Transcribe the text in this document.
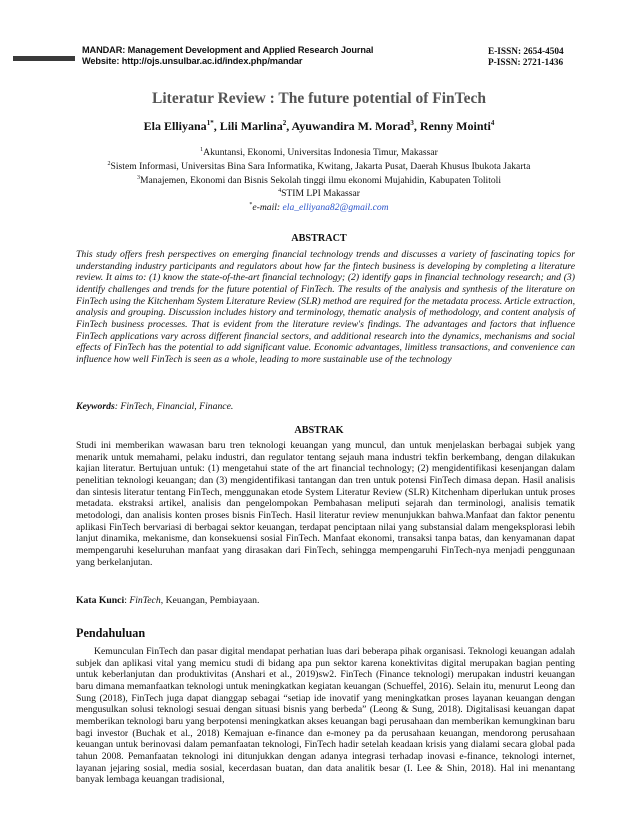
MANDAR: Management Development and Applied Research Journal
Website: http://ojs.unsulbar.ac.id/index.php/mandar
E-ISSN: 2654-4504
P-ISSN: 2721-1436
Literatur Review : The future potential of FinTech
Ela Elliyana$^{1*}$, Lili Marlina$^2$, Ayuwandira M. Morad$^3$, Renny Mointi$^4$
$^1$Akuntansi, Ekonomi, Universitas Indonesia Timur, Makassar
$^2$Sistem Informasi, Universitas Bina Sara Informatika, Kwitang, Jakarta Pusat, Daerah Khusus Ibukota Jakarta
$^3$Manajemen, Ekonomi dan Bisnis Sekolah tinggi ilmu ekonomi Mujahidin, Kabupaten Tolitoli
$^4$STIM LPI Makassar
*e-mail: ela_elliyana82@gmail.com
ABSTRACT
This study offers fresh perspectives on emerging financial technology trends and discusses a variety of fascinating topics for understanding industry participants and regulators about how far the fintech business is developing by completing a literature review. It aims to: (1) know the state-of-the-art financial technology; (2) identify gaps in financial technology research; and (3) identify challenges and trends for the future potential of FinTech. The results of the analysis and synthesis of the literature on FinTech using the Kitchenham System Literature Review (SLR) method are required for the metadata process. Article extraction, analysis and grouping. Discussion includes history and terminology, thematic analysis of methodology, and content analysis of FinTech business processes. That is evident from the literature review's findings. The advantages and factors that influence FinTech applications vary across different financial sectors, and additional research into the dynamics, mechanisms and social effects of FinTech has the potential to add significant value. Economic advantages, limitless transactions, and convenience can influence how well FinTech is seen as a whole, leading to more sustainable use of the technology
Keywords: FinTech, Financial, Finance.
ABSTRAK
Studi ini memberikan wawasan baru tren teknologi keuangan yang muncul, dan untuk menjelaskan berbagai subjek yang menarik untuk memahami, pelaku industri, dan regulator tentang sejauh mana industri tekfin berkembang, dengan dilakukan kajian literatur. Bertujuan untuk: (1) mengetahui state of the art financial technology; (2) mengidentifikasi kesenjangan dalam penelitian teknologi keuangan; dan (3) mengidentifikasi tantangan dan tren untuk potensi FinTech dimasa depan. Hasil analisis dan sintesis literatur tentang FinTech, menggunakan etode System Literatur Review (SLR) Kitchenham diperlukan untuk proses metadata. ekstraksi artikel, analisis dan pengelompokan Pembahasan meliputi sejarah dan terminologi, analisis tematik metodologi, dan analisis konten proses bisnis FinTech. Hasil literatur review menunjukkan bahwa.Manfaat dan faktor penentu aplikasi FinTech bervariasi di berbagai sektor keuangan, terdapat penciptaan nilai yang substansial dalam mengeksplorasi lebih lanjut dinamika, mekanisme, dan konsekuensi sosial FinTech. Manfaat ekonomi, transaksi tanpa batas, dan kenyamanan dapat mempengaruhi keseluruhan manfaat yang dirasakan dari FinTech, sehingga mempengaruhi FinTech-nya menjadi penggunaan yang berkelanjutan.
Kata Kunci: FinTech, Keuangan, Pembiayaan.
Pendahuluan
Kemunculan FinTech dan pasar digital mendapat perhatian luas dari beberapa pihak organisasi. Teknologi keuangan adalah subjek dan aplikasi vital yang memicu studi di bidang apa pun sektor karena konektivitas digital merupakan bagian penting untuk keberlanjutan dan produktivitas (Anshari et al., 2019)sw2. FinTech (Finance teknologi) merupakan industri keuangan baru dimana memanfaatkan teknologi untuk meningkatkan kegiatan keuangan (Schueffel, 2016). Selain itu, menurut Leong dan Sung (2018), FinTech juga dapat dianggap sebagai “setiap ide inovatif yang meningkatkan proses layanan keuangan dengan mengusulkan solusi teknologi sesuai dengan situasi bisnis yang berbeda” (Leong & Sung, 2018). Digitalisasi keuangan dapat memberikan teknologi baru yang berpotensi meningkatkan akses keuangan bagi perusahaan dan memberikan kemungkinan baru bagi investor (Buchak et al., 2018) Kemajuan e-finance dan e-money pa da perusahaan keuangan, mendorong perusahaan keuangan untuk berinovasi dalam pemanfaatan teknologi, FinTech hadir setelah keadaan krisis yang dialami secara global pada tahun 2008. Pemanfaatan teknologi ini ditunjukkan dengan adanya integrasi terhadap inovasi e-finance, teknologi internet, layanan jejaring sosial, media sosial, kecerdasan buatan, dan data analitik besar (I. Lee & Shin, 2018). Hal ini menantang banyak lembaga keuangan tradisional,
